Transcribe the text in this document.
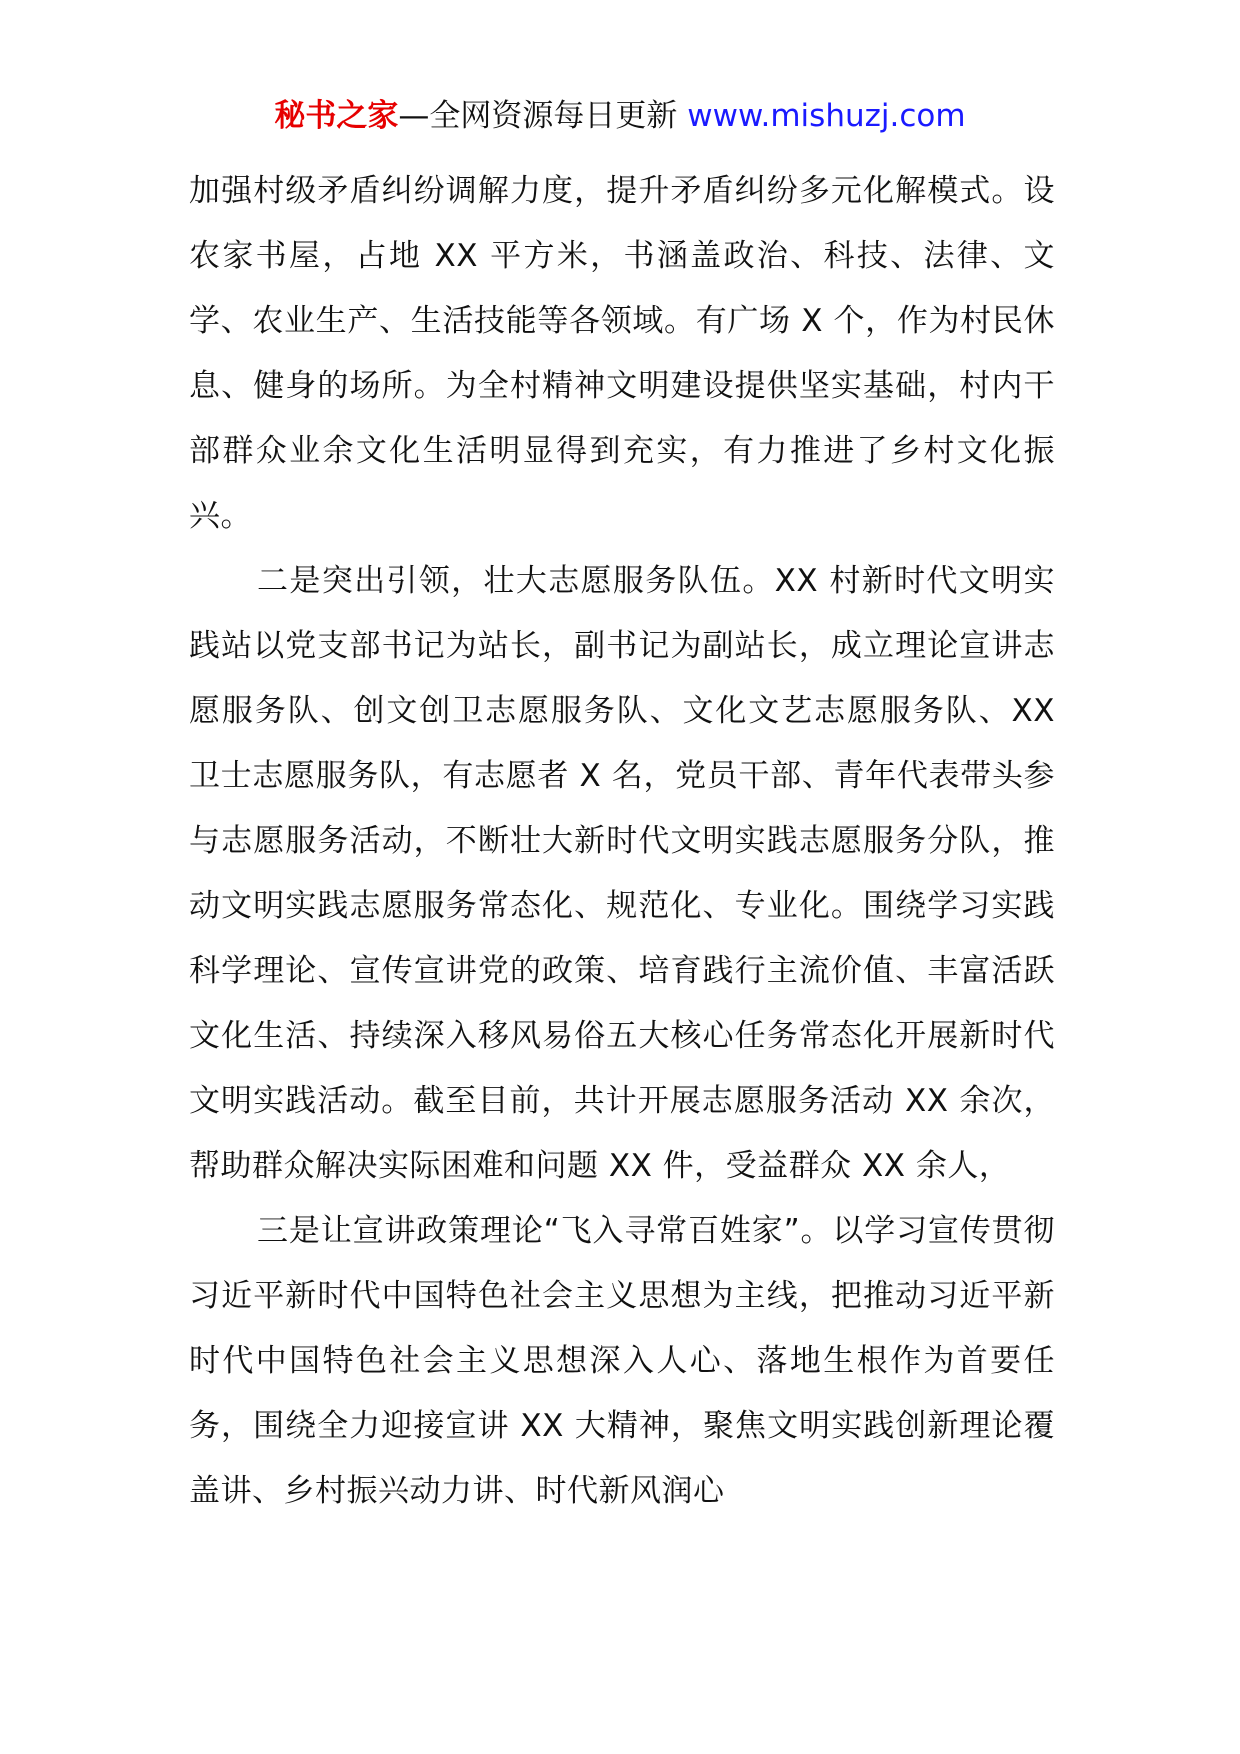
秘书之家—全网资源每日更新 www.mishuzj.com

加强村级矛盾纠纷调解力度，提升矛盾纠纷多元化解模式。设农家书屋，占地 XX 平方米，书涵盖政治、科技、法律、文学、农业生产、生活技能等各领域。有广场 X 个，作为村民休息、健身的场所。为全村精神文明建设提供坚实基础，村内干部群众业余文化生活明显得到充实，有力推进了乡村文化振兴。

二是突出引领，壮大志愿服务队伍。XX 村新时代文明实践站以党支部书记为站长，副书记为副站长，成立理论宣讲志愿服务队、创文创卫志愿服务队、文化文艺志愿服务队、XX 卫士志愿服务队，有志愿者 X 名，党员干部、青年代表带头参与志愿服务活动，不断壮大新时代文明实践志愿服务分队，推动文明实践志愿服务常态化、规范化、专业化。围绕学习实践科学理论、宣传宣讲党的政策、培育践行主流价值、丰富活跃文化生活、持续深入移风易俗五大核心任务常态化开展新时代文明实践活动。截至目前，共计开展志愿服务活动 XX 余次，帮助群众解决实际困难和问题 XX 件，受益群众 XX 余人，

三是让宣讲政策理论“飞入寻常百姓家”。以学习宣传贯彻习近平新时代中国特色社会主义思想为主线，把推动习近平新时代中国特色社会主义思想深入人心、落地生根作为首要任务，围绕全力迎接宣讲 XX 大精神，聚焦文明实践创新理论覆盖讲、乡村振兴动力讲、时代新风润心
